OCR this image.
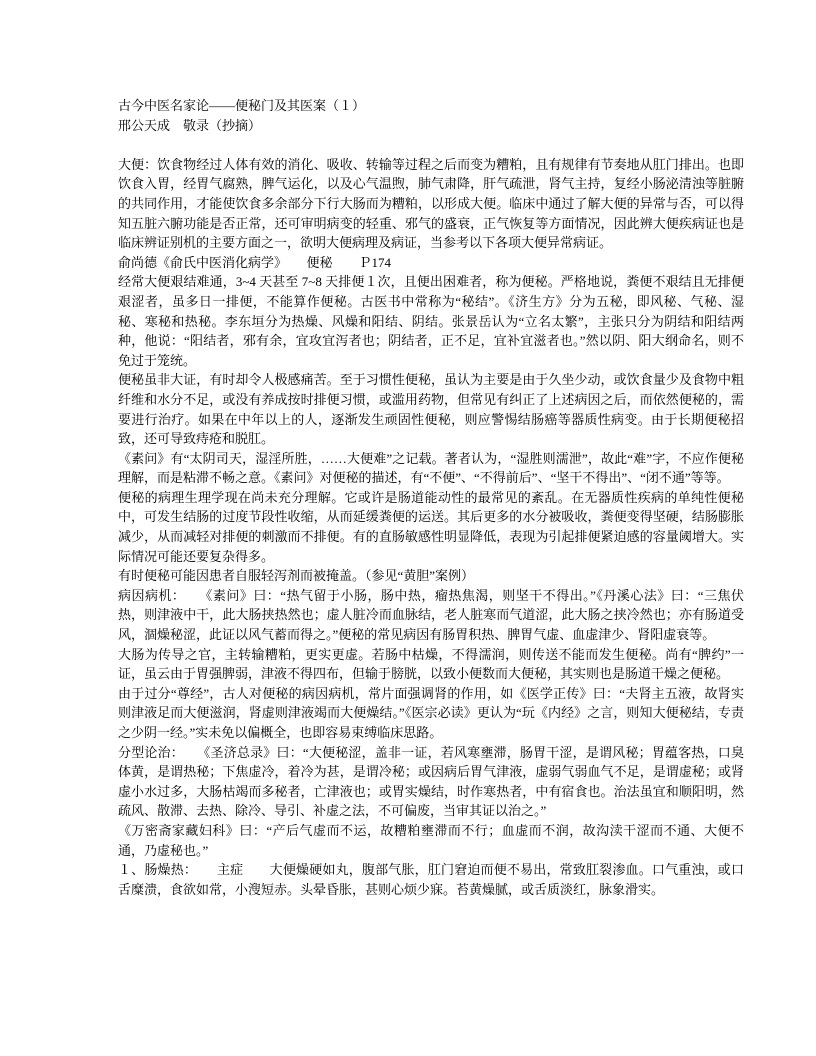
古今中医名家论——便秘门及其医案（１）

邢公天成　敬录（抄摘）

大便：饮食物经过人体有效的消化、吸收、转输等过程之后而变为糟粕，且有规律有节奏地从肛门排出。也即饮食入胃，经胃气腐熟，脾气运化，以及心气温煦，肺气肃降，肝气疏泄，肾气主持，复经小肠泌清浊等脏腑的共同作用，才能使饮食多余部分下行大肠而为糟粕，以形成大便。临床中通过了解大便的异常与否，可以得知五脏六腑功能是否正常，还可审明病变的轻重、邪气的盛衰，正气恢复等方面情况，因此辨大便疾病证也是临床辨证别机的主要方面之一，欲明大便病理及病证，当参考以下各项大便异常病证。

俞尚德《俞氏中医消化病学》　　便秘　　Ｐ174

经常大便艰结难通，3~4 天甚至 7~8 天排便１次，且便出困难者，称为便秘。严格地说，粪便不艰结且无排便艰涩者，虽多日一排便，不能算作便秘。古医书中常称为“秘结”。《济生方》分为五秘，即风秘、气秘、湿秘、寒秘和热秘。李东垣分为热燥、风燥和阳结、阴结。张景岳认为“立名太繁”，主张只分为阴结和阳结两种，他说：“阳结者，邪有余，宜攻宜泻者也；阴结者，正不足，宜补宜滋者也。”然以阴、阳大纲命名，则不免过于笼统。

便秘虽非大证，有时却令人极感痛苦。至于习惯性便秘，虽认为主要是由于久坐少动，或饮食量少及食物中粗纤维和水分不足，或没有养成按时排便习惯，或滥用药物，但常见有纠正了上述病因之后，而依然便秘的，需要进行治疗。如果在中年以上的人，逐渐发生顽固性便秘，则应警惕结肠癌等器质性病变。由于长期便秘招致，还可导致痔疮和脱肛。

《素问》有“太阴司天，湿淫所胜，……大便难”之记载。著者认为，“湿胜则濡泄”，故此“难”字，不应作便秘理解，而是粘滞不畅之意。《素问》对便秘的描述，有“不便”、“不得前后”、“坚干不得出”、“闭不通”等等。

便秘的病理生理学现在尚未充分理解。它或许是肠道能动性的最常见的紊乱。在无器质性疾病的单纯性便秘中，可发生结肠的过度节段性收缩，从而延缓粪便的运送。其后更多的水分被吸收，粪便变得坚硬，结肠膨胀减少，从而减轻对排便的刺激而不排便。有的直肠敏感性明显降低，表现为引起排便紧迫感的容量阈增大。实际情况可能还要复杂得多。

有时便秘可能因患者自服轻泻剂而被掩盖。（参见“黄胆”案例）

病因病机：　　《素问》曰：“热气留于小肠，肠中热，瘤热焦渴，则坚干不得出。”《丹溪心法》曰：“三焦伏热，则津液中干，此大肠挟热然也；虚人脏冷而血脉结，老人脏寒而气道涩，此大肠之挟冷然也；亦有肠道受风，涸燥秘涩，此证以风气蓄而得之。”便秘的常见病因有肠胃积热、脾胃气虚、血虚津少、肾阳虚衰等。

大肠为传导之官，主转输糟粕，更实更虚。若肠中枯燥，不得濡润，则传送不能而发生便秘。尚有“脾约”一证，虽云由于胃强脾弱，津液不得四布，但输于膀胱，以致小便数而大便秘，其实则也是肠道干燥之便秘。

由于过分“尊经”，古人对便秘的病因病机，常片面强调肾的作用，如《医学正传》曰：“夫肾主五液，故肾实则津液足而大便滋润，肾虚则津液竭而大便燥结。”《医宗必读》更认为“玩《内经》之言，则知大便秘结，专责之少阴一经。”实未免以偏概全，也即容易束缚临床思路。

分型论治：　　《圣济总录》曰：“大便秘涩，盖非一证，若风寒壅滞，肠胃干涩，是谓风秘；胃蕴客热，口臭体黄，是谓热秘；下焦虚冷，着冷为甚，是谓冷秘；或因病后胃气津液，虚弱气弱血气不足，是谓虚秘；或肾虚小水过多，大肠枯竭而多秘者，亡津液也；或胃实燥结，时作寒热者，中有宿食也。治法虽宜和顺阳明，然疏风、散滞、去热、除冷、导引、补虚之法，不可偏废，当审其证以治之。”

《万密斋家藏妇科》曰：“产后气虚而不运，故糟粕壅滞而不行；血虚而不润，故沟渎干涩而不通、大便不通，乃虚秘也。”

１、肠燥热：　　主症　　大便燥硬如丸，腹部气胀，肛门窘迫而便不易出，常致肛裂渗血。口气重浊，或口舌糜溃，食欲如常，小溲短赤。头晕昏胀，甚则心烦少寐。苔黄燥腻，或舌质淡红，脉象滑实。
